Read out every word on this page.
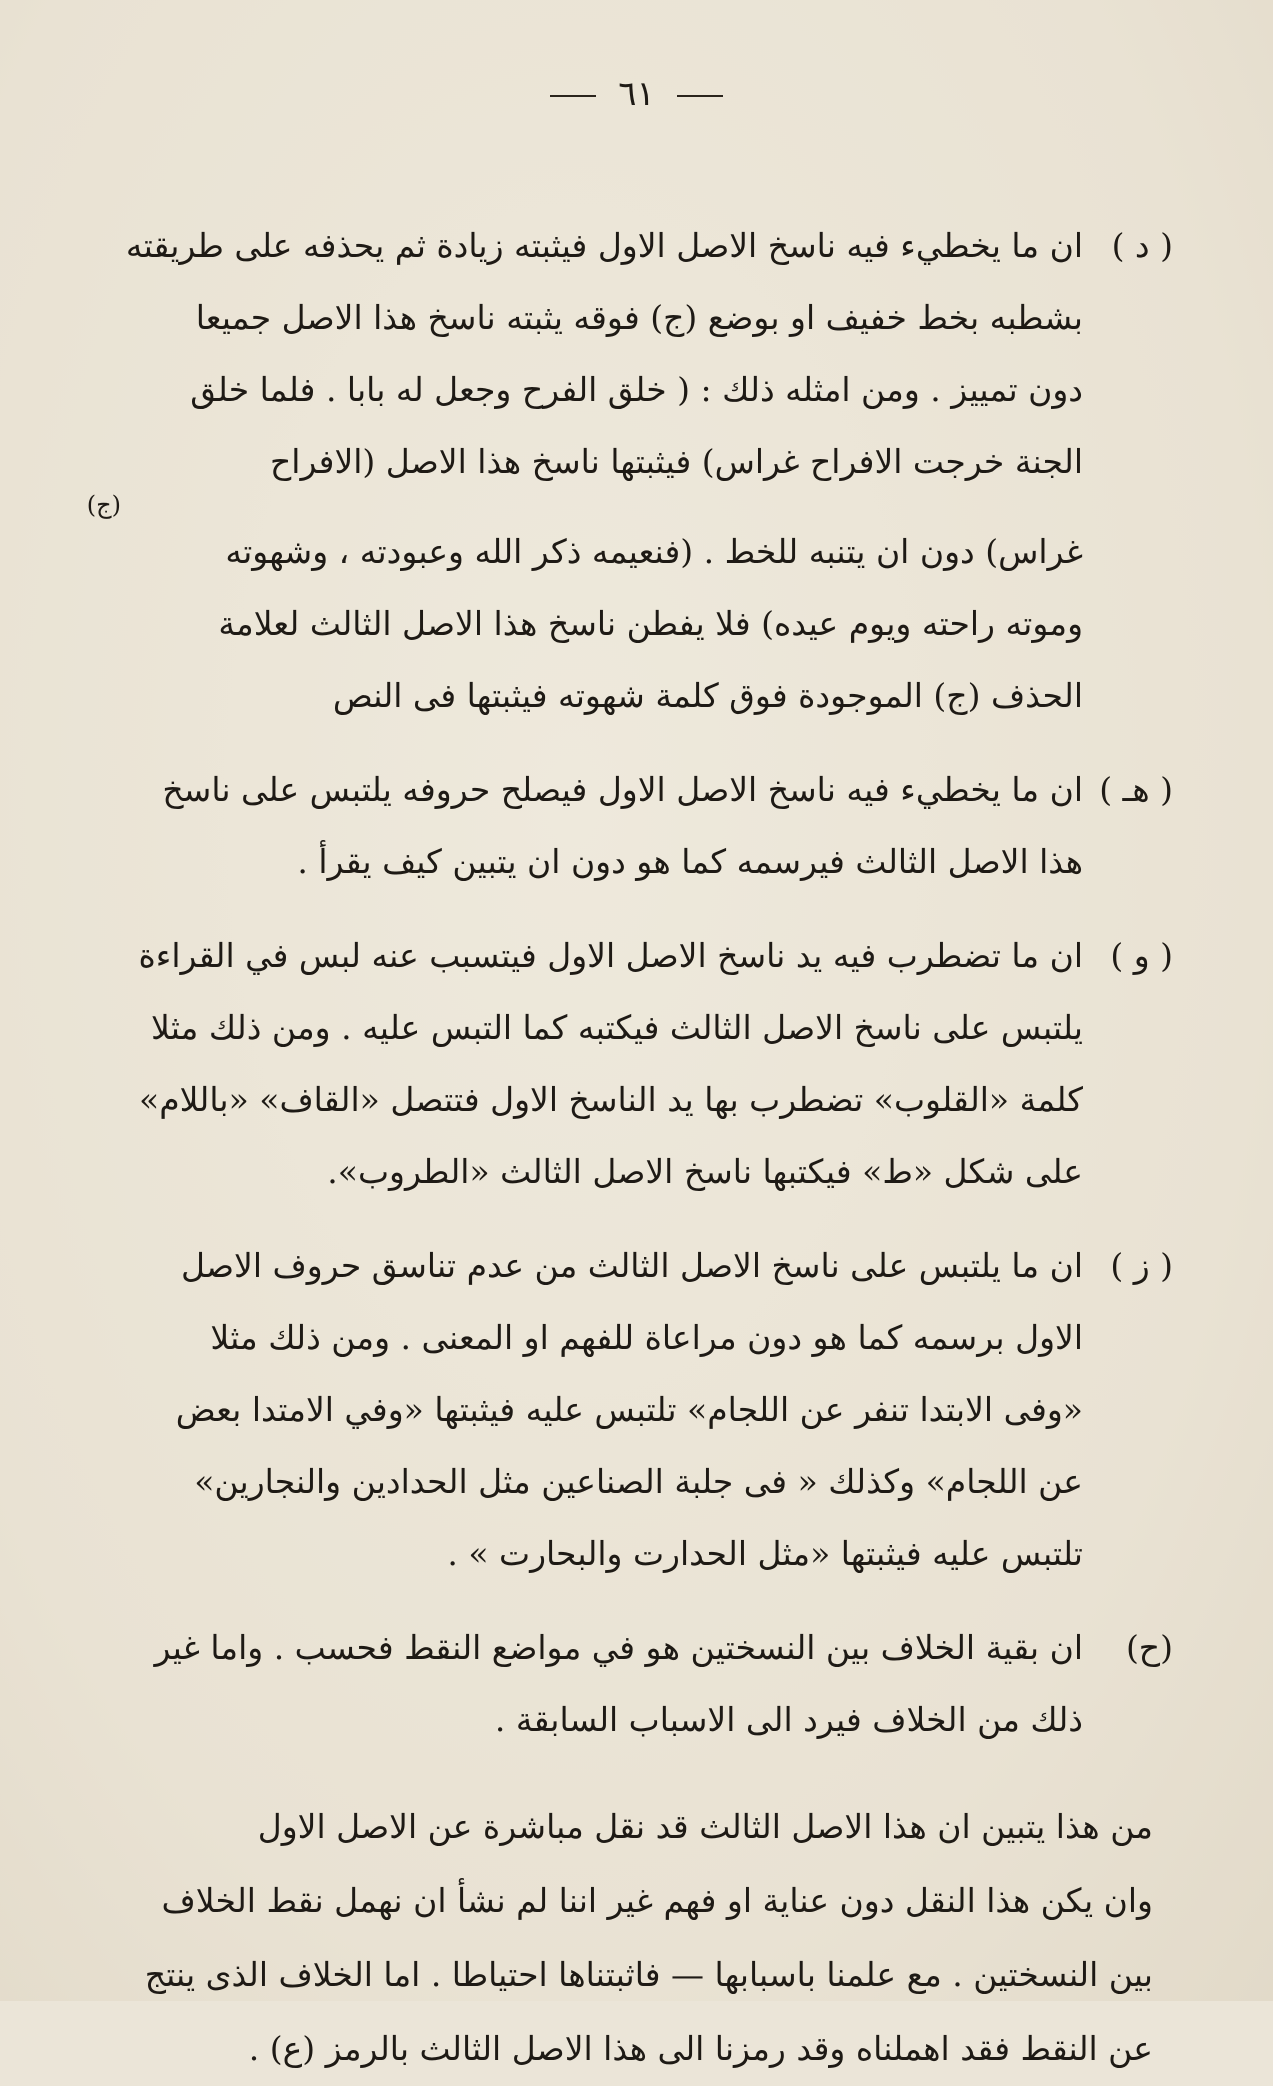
٦١
( د )
ان ما يخطيء فيه ناسخ الاصل الاول فيثبته زيادة ثم يحذفه على طريقته
بشطبه بخط خفيف او بوضع (ج) فوقه يثبته ناسخ هذا الاصل جميعا
دون تمييز . ومن امثله ذلك : ( خلق الفرح وجعل له بابا . فلما خلق
الجنة خرجت الافراح غراس) فيثبتها ناسخ هذا الاصل (الافراح
(ج)
غراس) دون ان يتنبه للخط . (فنعيمه ذكر الله وعبودته ، وشهوته
وموته راحته ويوم عيده) فلا يفطن ناسخ هذا الاصل الثالث لعلامة
الحذف (ج) الموجودة فوق كلمة شهوته فيثبتها فى النص
( هـ )
ان ما يخطيء فيه ناسخ الاصل الاول فيصلح حروفه يلتبس على ناسخ
هذا الاصل الثالث فيرسمه كما هو دون ان يتبين كيف يقرأ .
( و )
ان ما تضطرب فيه يد ناسخ الاصل الاول فيتسبب عنه لبس في القراءة
يلتبس على ناسخ الاصل الثالث فيكتبه كما التبس عليه . ومن ذلك مثلا
كلمة «القلوب» تضطرب بها يد الناسخ الاول فتتصل «القاف» «باللام»
على شكل «ط» فيكتبها ناسخ الاصل الثالث «الطروب».
( ز )
ان ما يلتبس على ناسخ الاصل الثالث من عدم تناسق حروف الاصل
الاول برسمه كما هو دون مراعاة للفهم او المعنى . ومن ذلك مثلا
«وفى الابتدا تنفر عن اللجام» تلتبس عليه فيثبتها «وفي الامتدا بعض
عن اللجام» وكذلك « فى جلبة الصناعين مثل الحدادين والنجارين»
تلتبس عليه فيثبتها «مثل الحدارت والبحارت » .
(ح)
ان بقية الخلاف بين النسختين هو في مواضع النقط فحسب . واما غير
ذلك من الخلاف فيرد الى الاسباب السابقة .
من هذا يتبين ان هذا الاصل الثالث قد نقل مباشرة عن الاصل الاول
وان يكن هذا النقل دون عناية او فهم غير اننا لم نشأ ان نهمل نقط الخلاف
بين النسختين . مع علمنا باسبابها — فاثبتناها احتياطا . اما الخلاف الذى ينتج
عن النقط فقد اهملناه وقد رمزنا الى هذا الاصل الثالث بالرمز (ع) .
